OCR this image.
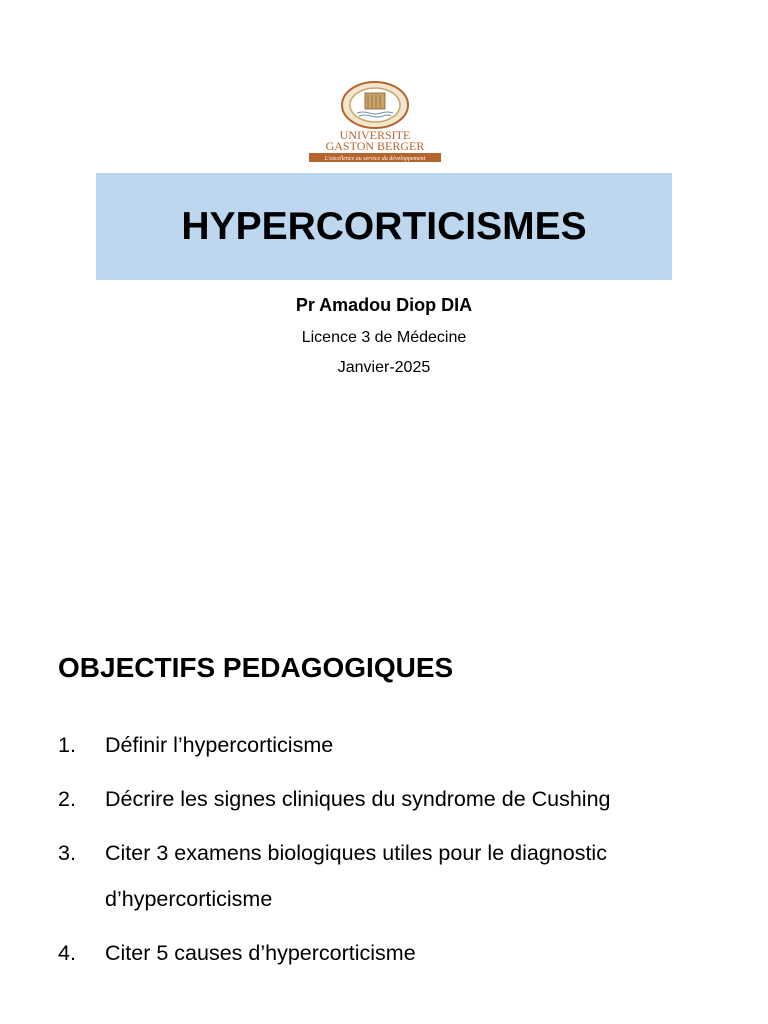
UNIVERSITE
GASTON BERGER
L'excellence au service du développement
HYPERCORTICISMES
Pr Amadou Diop DIA
Licence 3 de Médecine
Janvier-2025
OBJECTIFS PEDAGOGIQUES
1. Définir l’hypercorticisme
2. Décrire les signes cliniques du syndrome de Cushing
3. Citer 3 examens biologiques utiles pour le diagnostic d’hypercorticisme
4. Citer 5 causes d’hypercorticisme
